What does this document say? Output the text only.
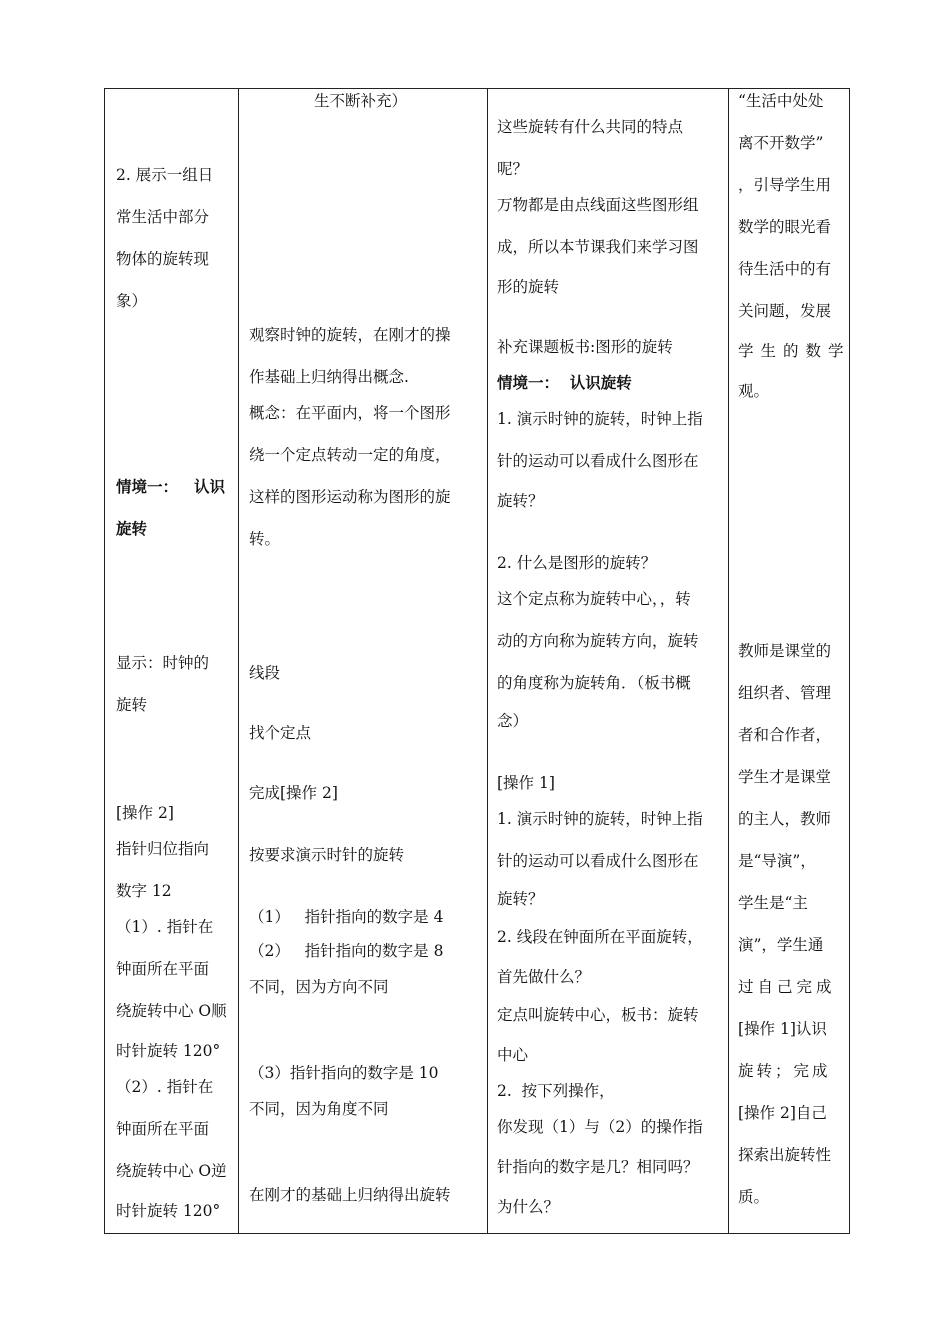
2. 展示一组日
常生活中部分
物体的旋转现
象）
情境一： 认识
旋转
显示：时钟的
旋转
[操作 2]
指针归位指向
数字 12
（1）. 指针在
钟面所在平面
绕旋转中心 O顺
时针旋转 120°
（2）. 指针在
钟面所在平面
绕旋转中心 O逆
时针旋转 120°
生不断补充）
观察时钟的旋转，在刚才的操
作基础上归纳得出概念.
概念：在平面内，将一个图形
绕一个定点转动一定的角度，
这样的图形运动称为图形的旋
转。
线段
找个定点
完成[操作 2]
按要求演示时针的旋转
（1）   指针指向的数字是 4
（2）   指针指向的数字是 8
不同，因为方向不同
（3）指针指向的数字是 10
不同，因为角度不同
在刚才的基础上归纳得出旋转
这些旋转有什么共同的特点
呢？
万物都是由点线面这些图形组
成，所以本节课我们来学习图
形的旋转
补充课题板书:图形的旋转
情境一：  认识旋转
1. 演示时钟的旋转，时钟上指
针的运动可以看成什么图形在
旋转？
2. 什么是图形的旋转？
这个定点称为旋转中心，，转
动的方向称为旋转方向，旋转
的角度称为旋转角．（板书概
念）
[操作 1]
1. 演示时钟的旋转，时钟上指
针的运动可以看成什么图形在
旋转？
2. 线段在钟面所在平面旋转，
首先做什么？
定点叫旋转中心，板书：旋转
中心
2.  按下列操作，
你发现（1）与（2）的操作指
针指向的数字是几？相同吗？
为什么？
“生活中处处
离不开数学”
，引导学生用
数学的眼光看
待生活中的有
关问题，发展
学生的数学
观。
教师是课堂的
组织者、管理
者和合作者，
学生才是课堂
的主人，教师
是“导演”，
学生是“主
演”，学生通
过自己完成
[操作 1]认识
旋转；完成
[操作 2]自己
探索出旋转性
质。
